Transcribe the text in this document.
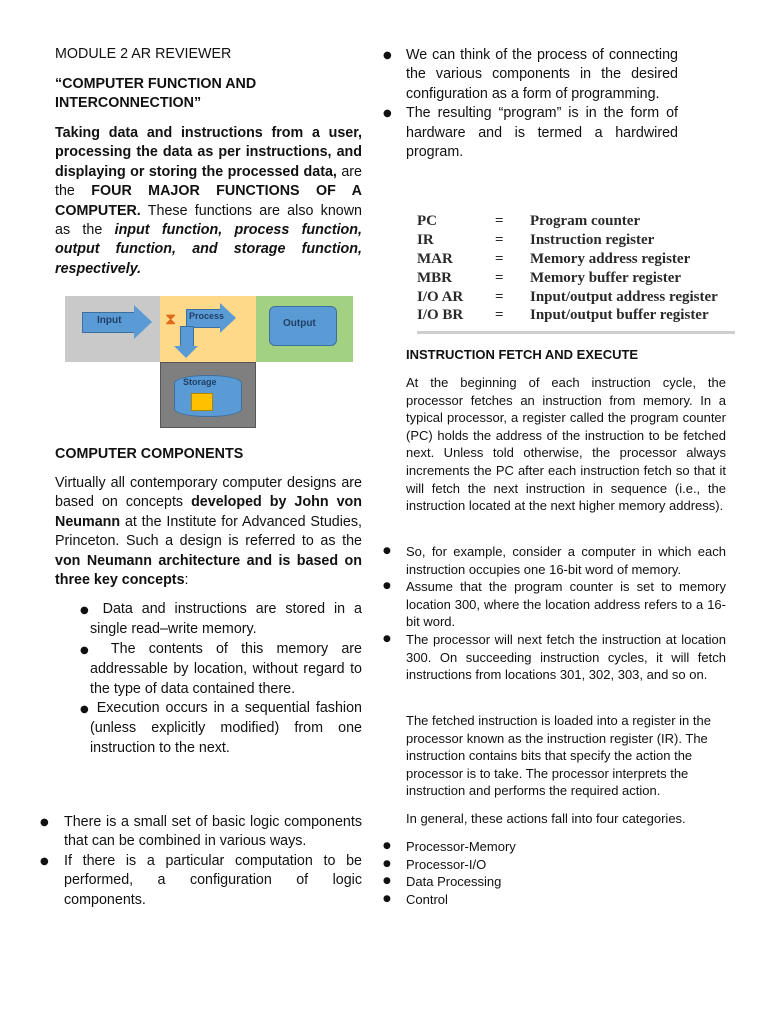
MODULE 2 AR REVIEWER

“COMPUTER FUNCTION AND INTERCONNECTION”

Taking data and instructions from a user, processing the data as per instructions, and displaying or storing the processed data, are the FOUR MAJOR FUNCTIONS OF A COMPUTER. These functions are also known as the input function, process function, output function, and storage function, respectively.

COMPUTER COMPONENTS

Virtually all contemporary computer designs are based on concepts developed by John von Neumann at the Institute for Advanced Studies, Princeton. Such a design is referred to as the von Neumann architecture and is based on three key concepts:

● Data and instructions are stored in a single read–write memory.
● The contents of this memory are addressable by location, without regard to the type of data contained there.
● Execution occurs in a sequential fashion (unless explicitly modified) from one instruction to the next.
● There is a small set of basic logic components that can be combined in various ways.
● If there is a particular computation to be performed, a configuration of logic components.
Input	⧗ Process
Output
Storage
● We can think of the process of connecting the various components in the desired configuration as a form of programming.
● The resulting “program” is in the form of hardware and is termed a hardwired program.
PC	= Program counter
IR	= Instruction register
MAR	= Memory address register
MBR	= Memory buffer register
I/O AR = Input/output address register
I/O BR = Input/output buffer register

INSTRUCTION FETCH AND EXECUTE

At the beginning of each instruction cycle, the processor fetches an instruction from memory. In a typical processor, a register called the program counter (PC) holds the address of the instruction to be fetched next. Unless told otherwise, the processor always increments the PC after each instruction fetch so that it will fetch the next instruction in sequence (i.e., the instruction located at the next higher memory address).

● So, for example, consider a computer in which each instruction occupies one 16-bit word of memory.
● Assume that the program counter is set to memory location 300, where the location address refers to a 16-bit word.
● The processor will next fetch the instruction at location 300. On succeeding instruction cycles, it will fetch instructions from locations 301, 302, 303, and so on.

The fetched instruction is loaded into a register in the processor known as the instruction register (IR). The instruction contains bits that specify the action the processor is to take. The processor interprets the instruction and performs the required action.

In general, these actions fall into four categories.

● Processor-Memory
● Processor-I/O
● Data Processing
● Control
